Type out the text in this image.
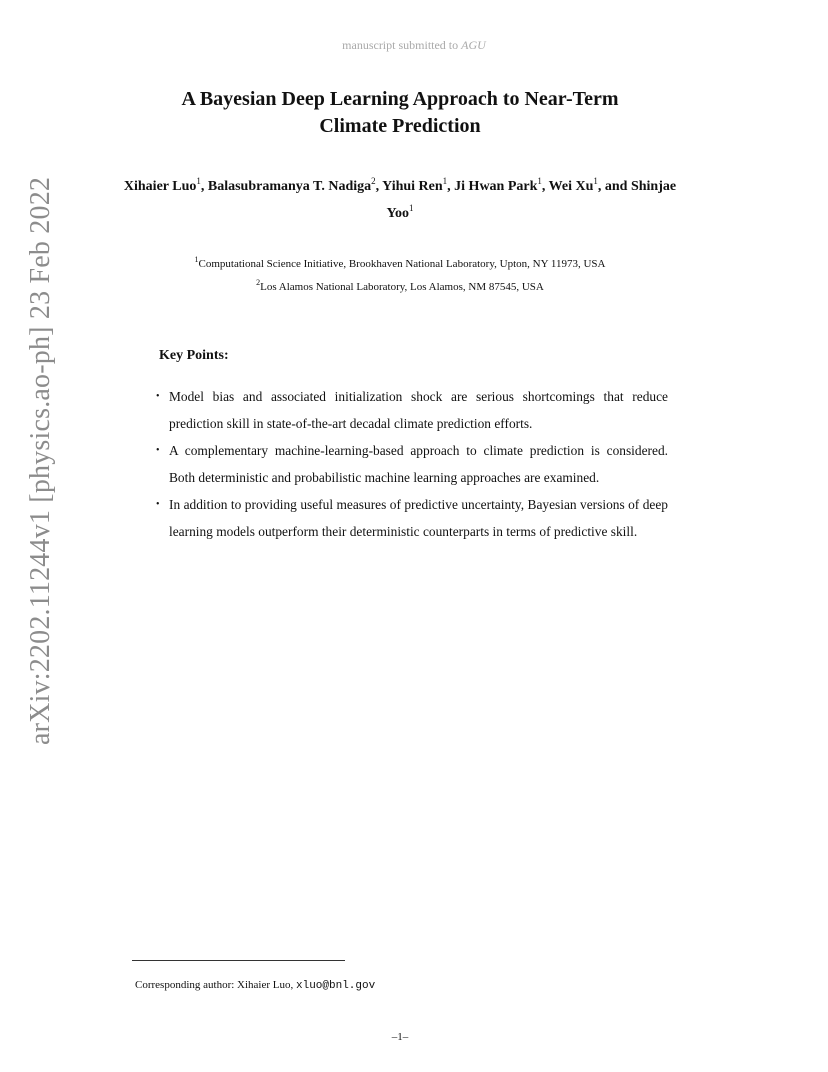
manuscript submitted to AGU
arXiv:2202.11244v1 [physics.ao-ph] 23 Feb 2022
A Bayesian Deep Learning Approach to Near-Term
Climate Prediction
Xihaier Luo$^1$, Balasubramanya T. Nadiga$^2$, Yihui Ren$^1$, Ji Hwan Park$^1$, Wei Xu$^1$, and Shinjae Yoo$^1$
$^1$Computational Science Initiative, Brookhaven National Laboratory, Upton, NY 11973, USA
$^2$Los Alamos National Laboratory, Los Alamos, NM 87545, USA
Key Points:
• Model bias and associated initialization shock are serious shortcomings that reduce prediction skill in state-of-the-art decadal climate prediction efforts.
• A complementary machine-learning-based approach to climate prediction is considered. Both deterministic and probabilistic machine learning approaches are examined.
• In addition to providing useful measures of predictive uncertainty, Bayesian versions of deep learning models outperform their deterministic counterparts in terms of predictive skill.
Corresponding author: Xihaier Luo, xluo@bnl.gov
–1–
